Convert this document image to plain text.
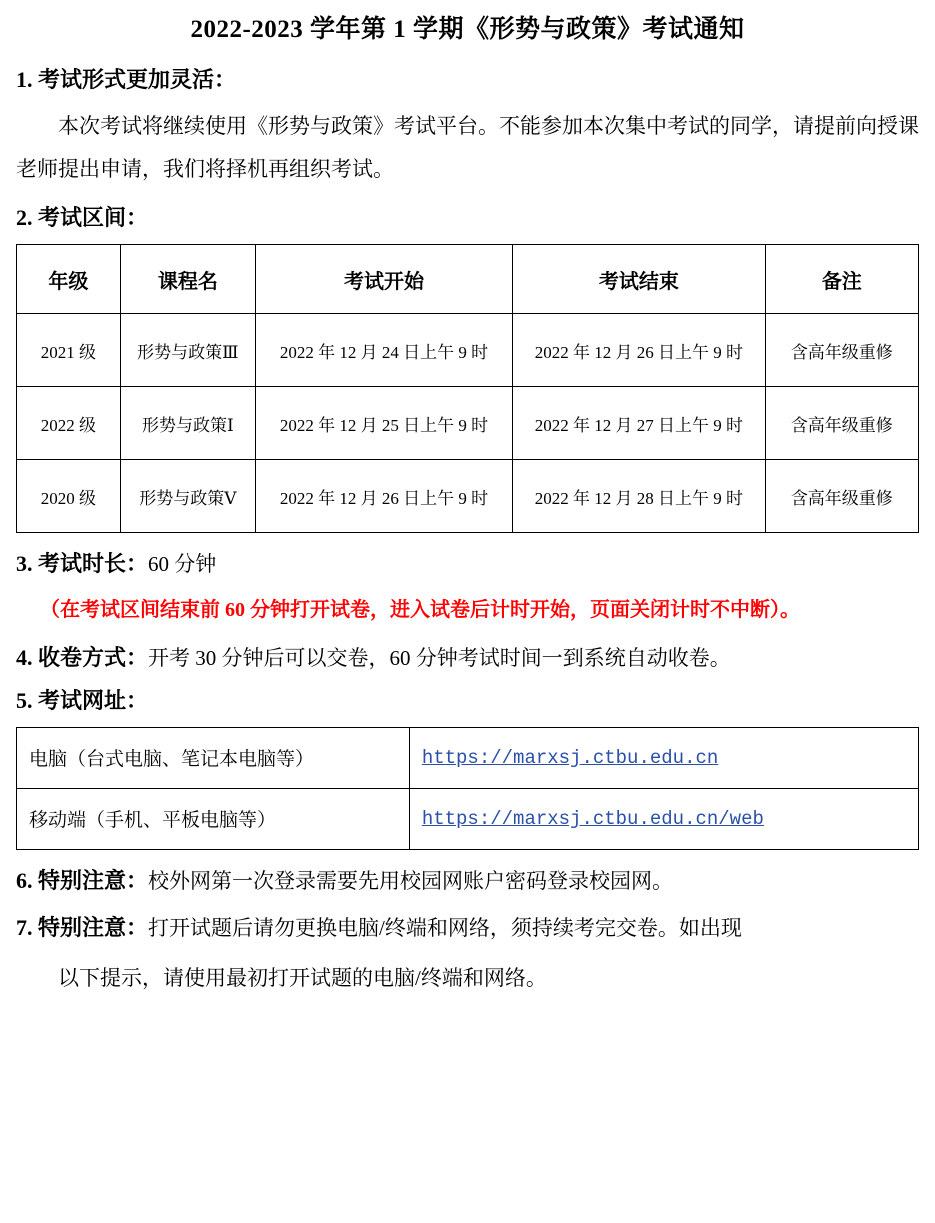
2022-2023 学年第 1 学期《形势与政策》考试通知
1. 考试形式更加灵活：
本次考试将继续使用《形势与政策》考试平台。不能参加本次集中考试的同学，请提前向授课老师提出申请，我们将择机再组织考试。
2. 考试区间：
年级	课程名	考试开始	考试结束	备注
2021 级	形势与政策Ⅲ	2022 年 12 月 24 日上午 9 时	2022 年 12 月 26 日上午 9 时	含高年级重修
2022 级	形势与政策Ⅰ	2022 年 12 月 25 日上午 9 时	2022 年 12 月 27 日上午 9 时	含高年级重修
2020 级	形势与政策Ⅴ	2022 年 12 月 26 日上午 9 时	2022 年 12 月 28 日上午 9 时	含高年级重修
3. 考试时长：60 分钟
（在考试区间结束前 60 分钟打开试卷，进入试卷后计时开始，页面关闭计时不中断）。
4. 收卷方式：开考 30 分钟后可以交卷，60 分钟考试时间一到系统自动收卷。
5. 考试网址：
电脑（台式电脑、笔记本电脑等）	https://marxsj.ctbu.edu.cn
移动端（手机、平板电脑等）	https://marxsj.ctbu.edu.cn/web
6. 特别注意：校外网第一次登录需要先用校园网账户密码登录校园网。
7. 特别注意：打开试题后请勿更换电脑/终端和网络，须持续考完交卷。如出现
以下提示，请使用最初打开试题的电脑/终端和网络。
